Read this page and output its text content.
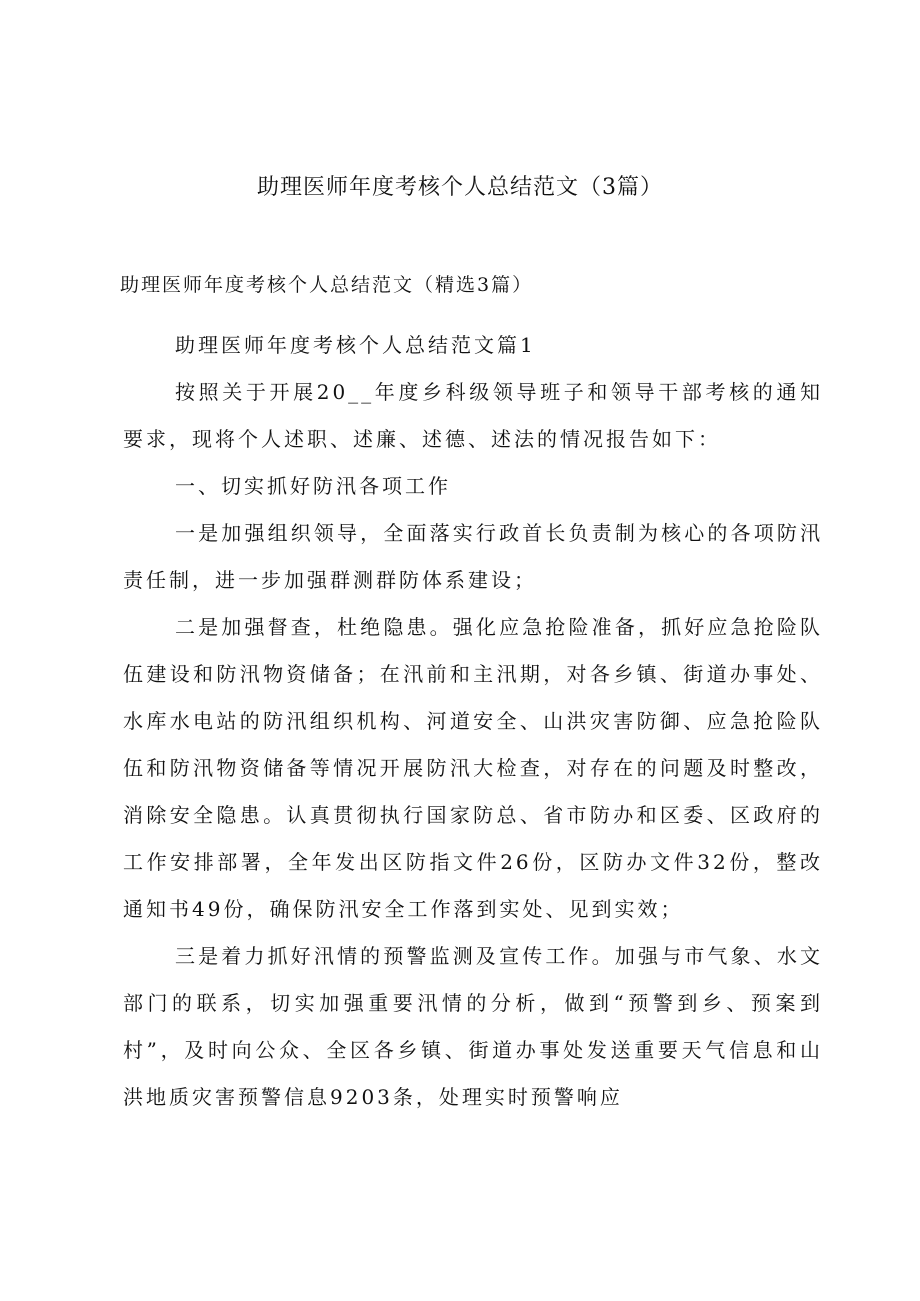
助理医师年度考核个人总结范文（3篇）
助理医师年度考核个人总结范文（精选3篇）

助理医师年度考核个人总结范文篇1

按照关于开展20__年度乡科级领导班子和领导干部考核的通知要求，现将个人述职、述廉、述德、述法的情况报告如下：

一、切实抓好防汛各项工作

一是加强组织领导，全面落实行政首长负责制为核心的各项防汛责任制，进一步加强群测群防体系建设；

二是加强督查，杜绝隐患。强化应急抢险准备，抓好应急抢险队伍建设和防汛物资储备；在汛前和主汛期，对各乡镇、街道办事处、水库水电站的防汛组织机构、河道安全、山洪灾害防御、应急抢险队伍和防汛物资储备等情况开展防汛大检查，对存在的问题及时整改，消除安全隐患。认真贯彻执行国家防总、省市防办和区委、区政府的工作安排部署，全年发出区防指文件26份，区防办文件32份，整改通知书49份，确保防汛安全工作落到实处、见到实效；

三是着力抓好汛情的预警监测及宣传工作。加强与市气象、水文部门的联系，切实加强重要汛情的分析，做到“预警到乡、预案到村”，及时向公众、全区各乡镇、街道办事处发送重要天气信息和山洪地质灾害预警信息9203条，处理实时预警响应
